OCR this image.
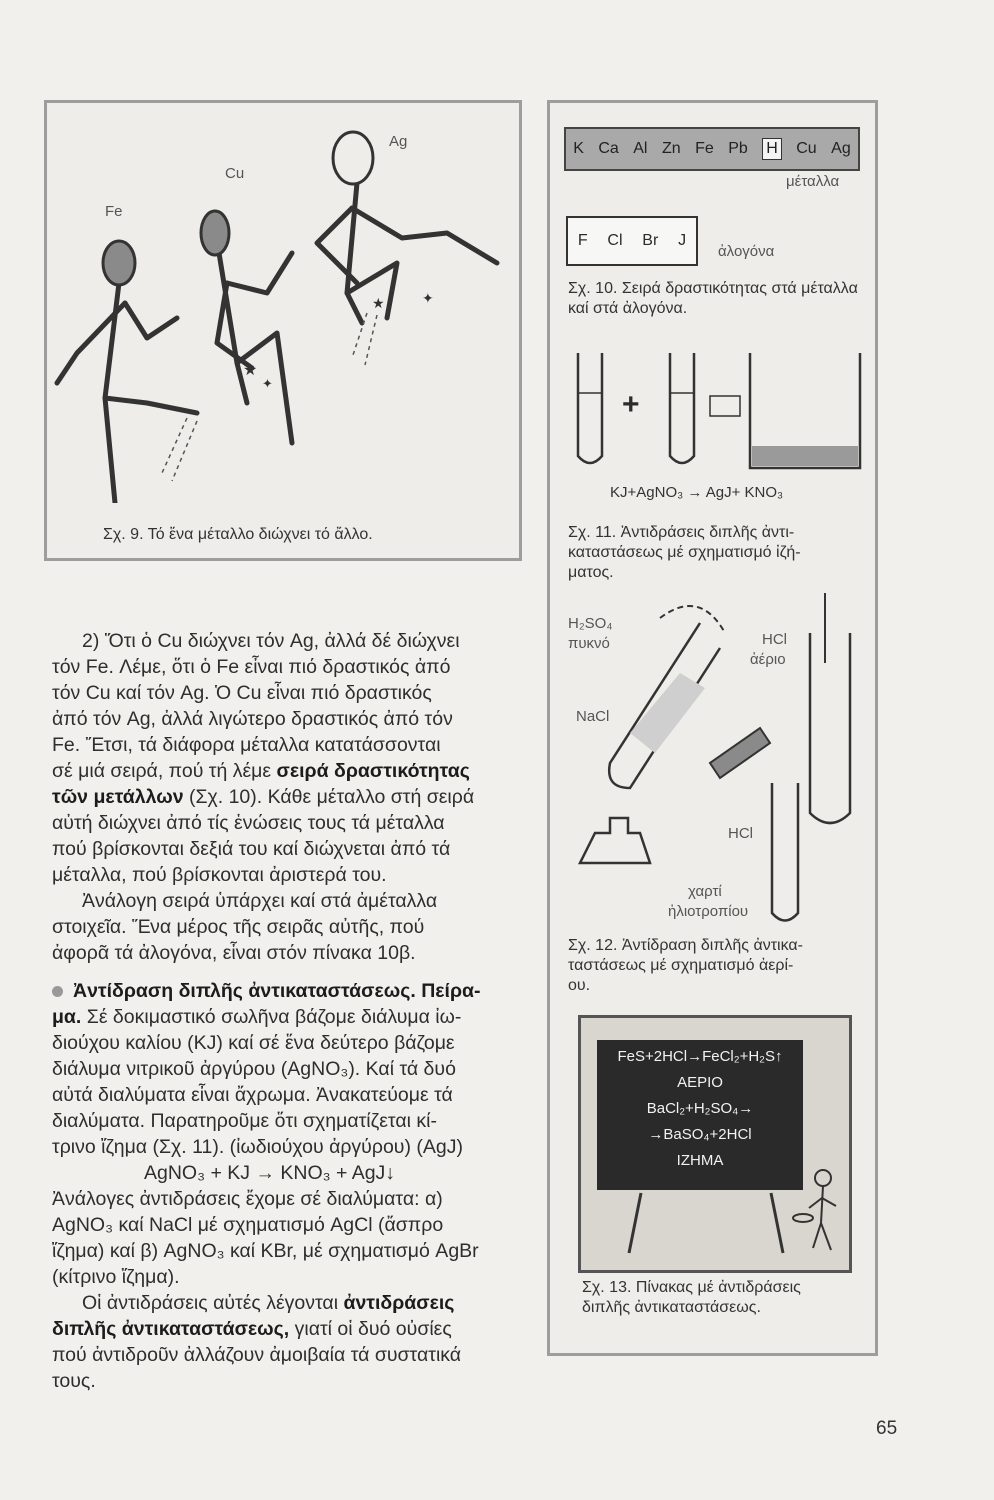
★
✦
★	✦
Fe
Cu
Ag
Σχ. 9. Τό ἕνα μέταλλο διώχνει τό ἄλλο.
K Ca Al Zn Fe Pb H Cu Ag
μέταλλα
F Cl Br J
ἀλογόνα
Σχ. 10. Σειρά δραστικότητας στά μέταλλα καί στά ἀλογόνα.
+
KJ+AgNO₃ → AgJ+ KNO₃
Σχ. 11. Ἀντιδράσεις διπλῆς ἀντι-
καταστάσεως μέ σχηματισμό ἰζή-
ματος.
H₂SO₄
πυκνό
NaCl
HCl
ἀέριο
HCl
χαρτί
ἡλιοτροπίου
Σχ. 12. Ἀντίδραση διπλῆς ἀντικα-
ταστάσεως μέ σχηματισμό ἀερί-
ου.
FeS+2HCl→FeCl₂+H₂S↑
ΑΕΡΙΟ
BaCl₂+H₂SO₄→
→BaSO₄+2HCl
ΙΖΗΜΑ
Σχ. 13. Πίνακας μέ ἀντιδράσεις
διπλῆς ἀντικαταστάσεως.

2) Ὅτι ὁ Cu διώχνει τόν Ag, ἀλλά δέ διώχνει

τόν Fe. Λέμε, ὅτι ὁ Fe εἶναι πιό δραστικός ἀπό

τόν Cu καί τόν Ag. Ὁ Cu εἶναι πιό δραστικός

ἀπό τόν Ag, ἀλλά λιγώτερο δραστικός ἀπό τόν

Fe. Ἔτσι, τά διάφορα μέταλλα κατατάσσονται

σέ μιά σειρά, πού τή λέμε σειρά δραστικότητας

τῶν μετάλλων (Σχ. 10). Κάθε μέταλλο στή σειρά

αὐτή διώχνει ἀπό τίς ἑνώσεις τους τά μέταλλα

πού βρίσκονται δεξιά του καί διώχνεται ἀπό τά

μέταλλα, πού βρίσκονται ἀριστερά του.

Ἀνάλογη σειρά ὑπάρχει καί στά ἀμέταλλα

στοιχεῖα. Ἕνα μέρος τῆς σειρᾶς αὐτῆς, πού

ἀφορᾶ τά ἀλογόνα, εἶναι στόν πίνακα 10β.

Ἀντίδραση διπλῆς ἀντικαταστάσεως. Πείρα-

μα. Σέ δοκιμαστικό σωλῆνα βάζομε διάλυμα ἰω-

διούχου καλίου (KJ) καί σέ ἕνα δεύτερο βάζομε

διάλυμα νιτρικοῦ ἀργύρου (AgNO₃). Καί τά δυό

αὐτά διαλύματα εἶναι ἄχρωμα. Ἀνακατεύομε τά

διαλύματα. Παρατηροῦμε ὅτι σχηματίζεται κί-

τρινο ἴζημα (Σχ. 11). (ἰωδιούχου ἀργύρου) (AgJ)

AgNO₃ + KJ → KNO₃ + AgJ↓

Ἀνάλογες ἀντιδράσεις ἔχομε σέ διαλύματα: α)

AgNO₃ καί NaCl μέ σχηματισμό AgCl (ἄσπρο

ἴζημα) καί β) AgNO₃ καί KBr, μέ σχηματισμό AgBr

(κίτρινο ἴζημα).

Οἱ ἀντιδράσεις αὐτές λέγονται ἀντιδράσεις

διπλῆς ἀντικαταστάσεως, γιατί οἱ δυό οὐσίες

πού ἀντιδροῦν ἀλλάζουν ἀμοιβαία τά συστατικά

τους.

65
